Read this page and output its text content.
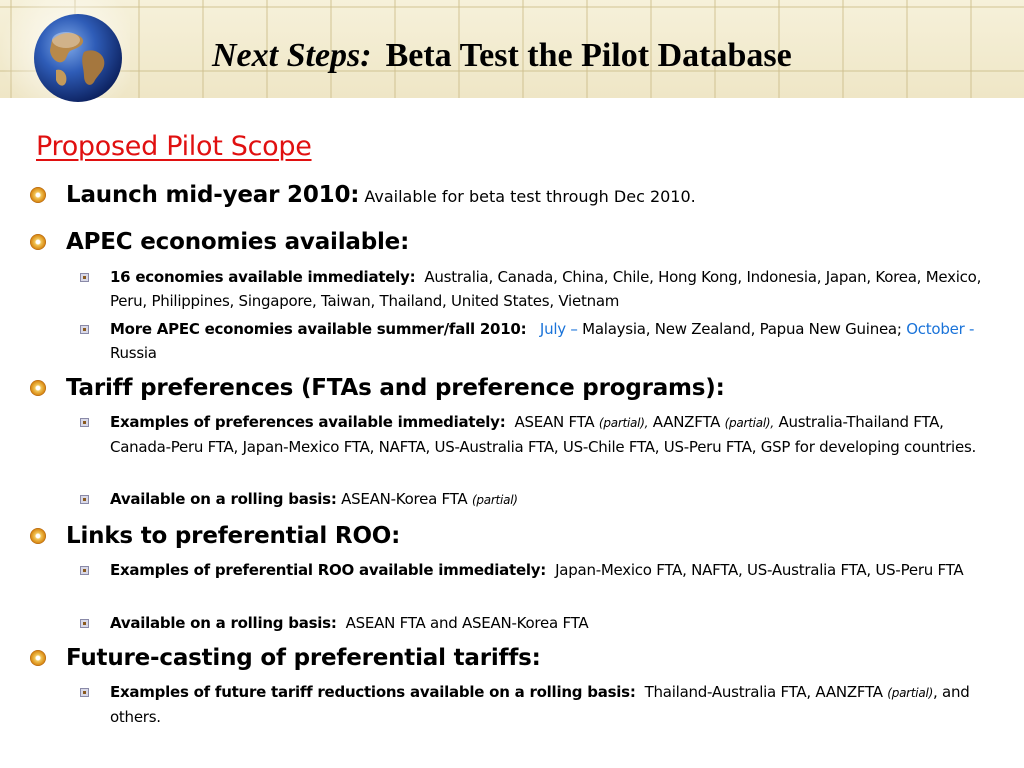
Next Steps: Beta Test the Pilot Database
Proposed Pilot Scope
Launch mid-year 2010: Available for beta test through Dec 2010.
APEC economies available:
16 economies available immediately: Australia, Canada, China, Chile, Hong Kong, Indonesia, Japan, Korea, Mexico, Peru, Philippines, Singapore, Taiwan, Thailand, United States, Vietnam
More APEC economies available summer/fall 2010: July – Malaysia, New Zealand, Papua New Guinea; October - Russia
Tariff preferences (FTAs and preference programs):
Examples of preferences available immediately: ASEAN FTA (partial), AANZFTA (partial), Australia-Thailand FTA, Canada-Peru FTA, Japan-Mexico FTA, NAFTA, US-Australia FTA, US-Chile FTA, US-Peru FTA, GSP for developing countries.
Available on a rolling basis: ASEAN-Korea FTA (partial)
Links to preferential ROO:
Examples of preferential ROO available immediately: Japan-Mexico FTA, NAFTA, US-Australia FTA, US-Peru FTA
Available on a rolling basis: ASEAN FTA and ASEAN-Korea FTA
Future-casting of preferential tariffs:
Examples of future tariff reductions available on a rolling basis: Thailand-Australia FTA, AANZFTA (partial), and others.
